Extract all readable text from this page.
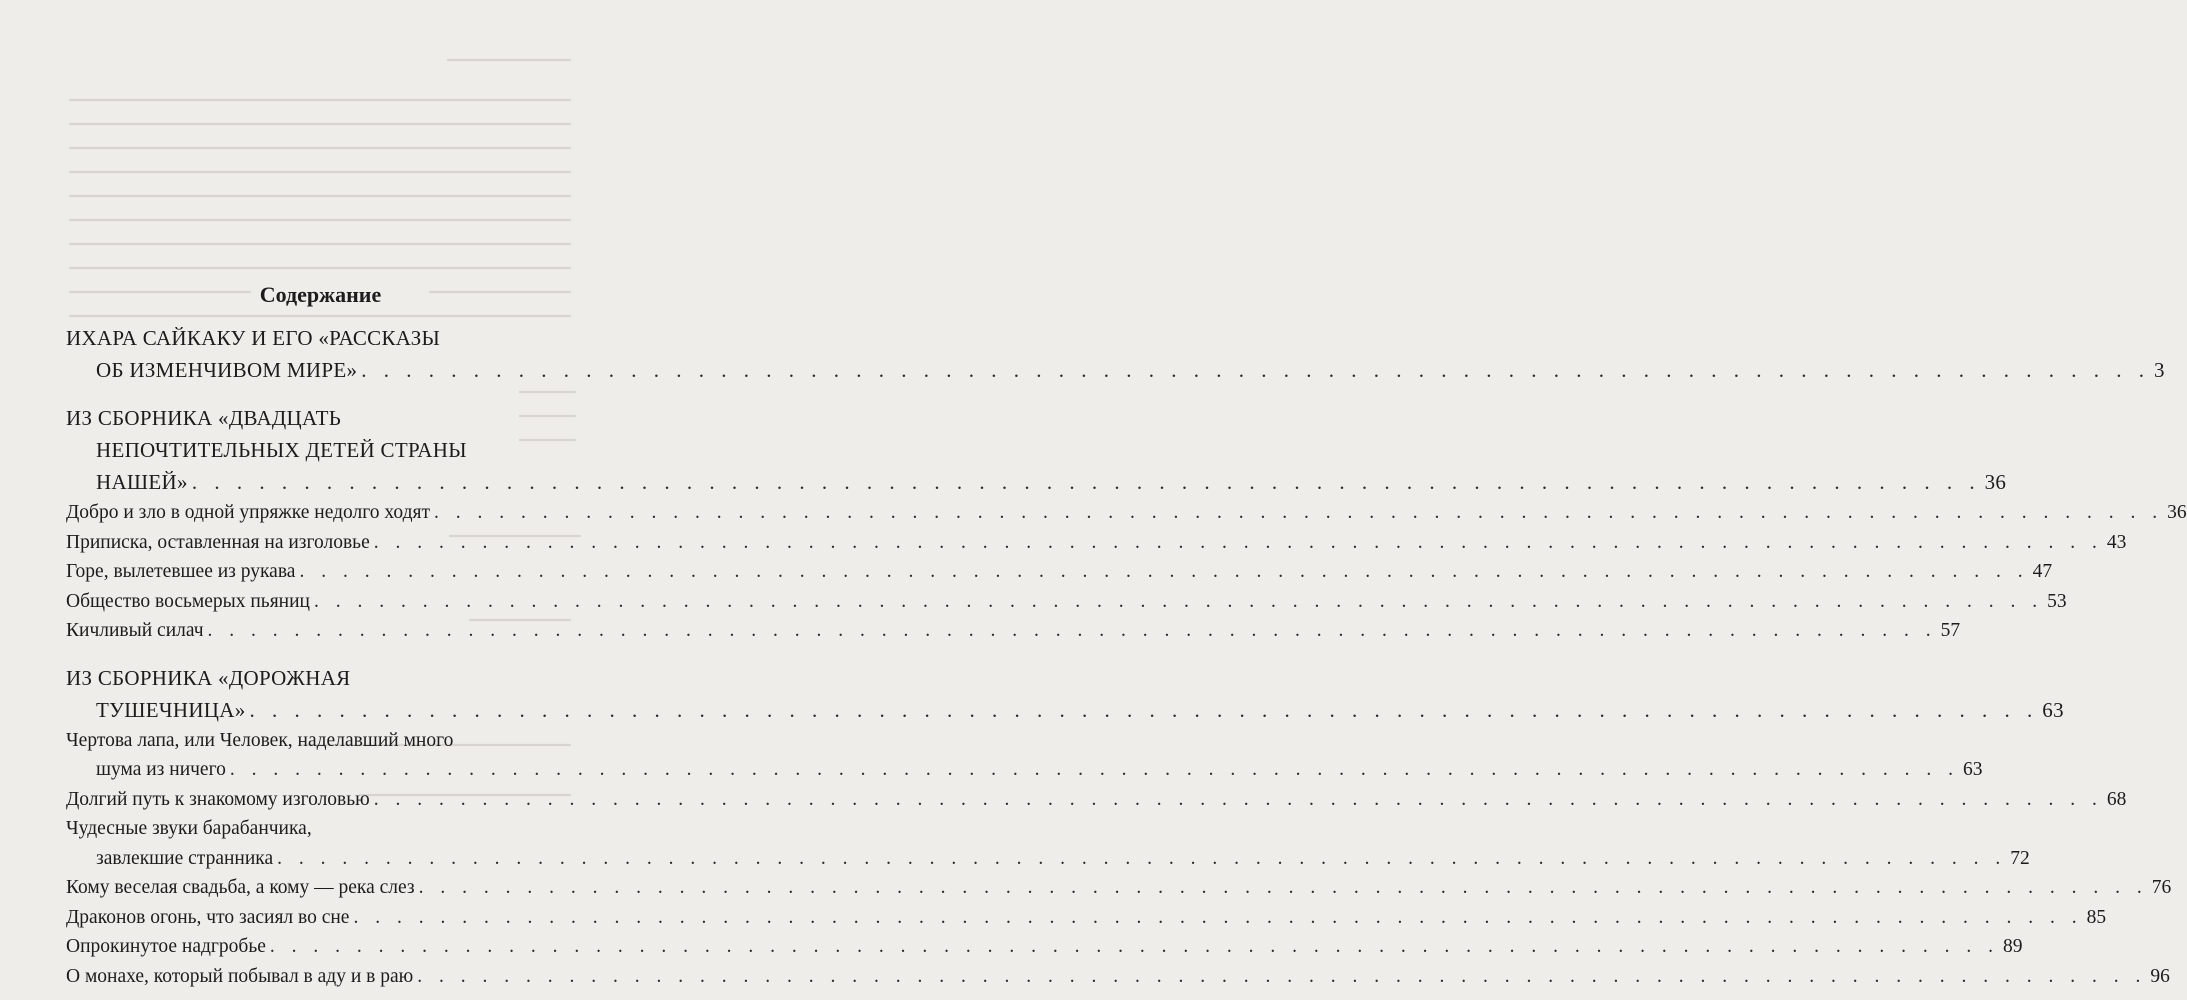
Содержание
ИХАРА САЙКАКУ И ЕГО «РАССКАЗЫ
ОБ ИЗМЕНЧИВОМ МИРЕ» . . . . . . . . . . . . . . . . . . . . . . . . . . . . . . . . . . . . . . . . . . . . . . . . . . . . . . . . . . . . . . . . . . . . . . . . . . . . . . . . 3
ИЗ СБОРНИКА «ДВАДЦАТЬ
НЕПОЧТИТЕЛЬНЫХ ДЕТЕЙ СТРАНЫ
НАШЕЙ» . . . . . . . . . . . . . . . . . . . . . . . . . . . . . . . . . . . . . . . . . . . . . . . . . . . . . . . . . . . . . . . . . . . . . . . . . . . . . . . . 36
Добро и зло в одной упряжке недолго ходят . . . . . . . . . . . . . . . . . . . . . . . . . . . . . . . . . . . . . . . . . . . . . . . . . . . . . . . . . . . . . . . . . . . . . . . . . . . . . . . . 36
Приписка, оставленная на изголовье . . . . . . . . . . . . . . . . . . . . . . . . . . . . . . . . . . . . . . . . . . . . . . . . . . . . . . . . . . . . . . . . . . . . . . . . . . . . . . . . 43
Горе, вылетевшее из рукава . . . . . . . . . . . . . . . . . . . . . . . . . . . . . . . . . . . . . . . . . . . . . . . . . . . . . . . . . . . . . . . . . . . . . . . . . . . . . . . . 47
Общество восьмерых пьяниц . . . . . . . . . . . . . . . . . . . . . . . . . . . . . . . . . . . . . . . . . . . . . . . . . . . . . . . . . . . . . . . . . . . . . . . . . . . . . . . . 53
Кичливый силач . . . . . . . . . . . . . . . . . . . . . . . . . . . . . . . . . . . . . . . . . . . . . . . . . . . . . . . . . . . . . . . . . . . . . . . . . . . . . . . . 57
ИЗ СБОРНИКА «ДОРОЖНАЯ
ТУШЕЧНИЦА» . . . . . . . . . . . . . . . . . . . . . . . . . . . . . . . . . . . . . . . . . . . . . . . . . . . . . . . . . . . . . . . . . . . . . . . . . . . . . . . . 63
Чертова лапа, или Человек, наделавший много
шума из ничего . . . . . . . . . . . . . . . . . . . . . . . . . . . . . . . . . . . . . . . . . . . . . . . . . . . . . . . . . . . . . . . . . . . . . . . . . . . . . . . . 63
Долгий путь к знакомому изголовью . . . . . . . . . . . . . . . . . . . . . . . . . . . . . . . . . . . . . . . . . . . . . . . . . . . . . . . . . . . . . . . . . . . . . . . . . . . . . . . . 68
Чудесные звуки барабанчика,
завлекшие странника . . . . . . . . . . . . . . . . . . . . . . . . . . . . . . . . . . . . . . . . . . . . . . . . . . . . . . . . . . . . . . . . . . . . . . . . . . . . . . . . 72
Кому веселая свадьба, а кому — река слез . . . . . . . . . . . . . . . . . . . . . . . . . . . . . . . . . . . . . . . . . . . . . . . . . . . . . . . . . . . . . . . . . . . . . . . . . . . . . . . . 76
Драконов огонь, что засиял во сне . . . . . . . . . . . . . . . . . . . . . . . . . . . . . . . . . . . . . . . . . . . . . . . . . . . . . . . . . . . . . . . . . . . . . . . . . . . . . . . . 85
Опрокинутое надгробье . . . . . . . . . . . . . . . . . . . . . . . . . . . . . . . . . . . . . . . . . . . . . . . . . . . . . . . . . . . . . . . . . . . . . . . . . . . . . . . . 89
О монахе, который побывал в аду и в раю . . . . . . . . . . . . . . . . . . . . . . . . . . . . . . . . . . . . . . . . . . . . . . . . . . . . . . . . . . . . . . . . . . . . . . . . . . . . . . . . 96
